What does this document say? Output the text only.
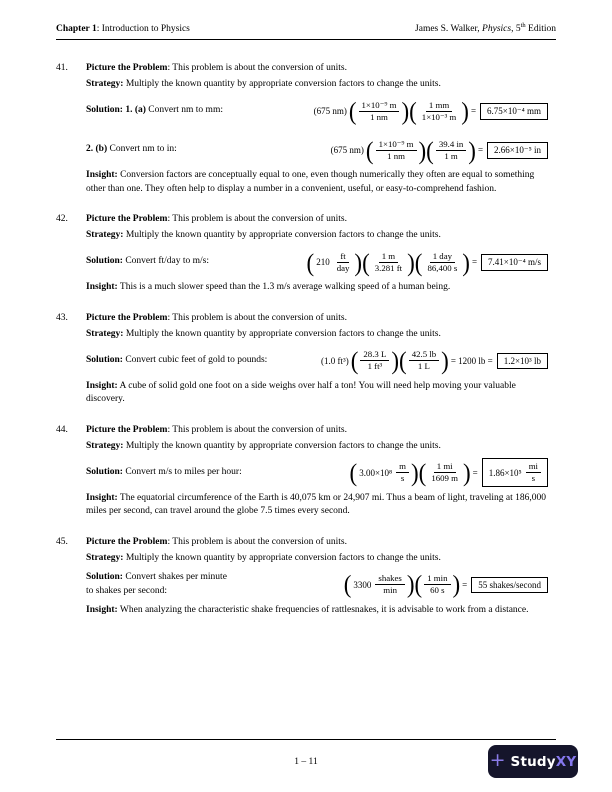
Chapter 1: Introduction to Physics	James S. Walker, Physics, 5th Edition
41.	Picture the Problem: This problem is about the conversion of units.
Strategy: Multiply the known quantity by appropriate conversion factors to change the units.
Solution: 1. (a) Convert nm to mm:	(675 nm) ( $\frac{\text{1×10⁻⁹ m}}{1 nm}$ ) ( $\frac{1 mm}{\text{1×10⁻³ m}}$ ) = 6.75×10⁻⁴ mm
2. (b) Convert nm to in:	(675 nm) ( $\frac{\text{1×10⁻⁹ m}}{1 nm}$ ) ( $\frac{39.4 in}{1 m}$ ) = 2.66×10⁻⁵ in
Insight: Conversion factors are conceptually equal to one, even though numerically they often are equal to something other than one. They often help to display a number in a convenient, useful, or easy-to-comprehend fashion.
42.	Picture the Problem: This problem is about the conversion of units.
Strategy: Multiply the known quantity by appropriate conversion factors to change the units.
Solution: Convert ft/day to m/s:	( $210 \frac{ft}{\text{day}}$ ) ( $\frac{1 m}{3.281 ft}$ ) ( $\frac{\text{1 day}}{86,400 s}$ ) = 7.41×10⁻⁴ m/s
Insight: This is a much slower speed than the 1.3 m/s average walking speed of a human being.
43.	Picture the Problem: This problem is about the conversion of units.
Strategy: Multiply the known quantity by appropriate conversion factors to change the units.
Solution: Convert cubic feet of gold to pounds:	(1.0 ft³) ( $\frac{28.3 L}{\text{1 ft³}}$ ) ( $\frac{42.5 lb}{1 L}$ ) = 1200 lb = 1.2×10³ lb
Insight: A cube of solid gold one foot on a side weighs over half a ton! You will need help moving your valuable discovery.
44.	Picture the Problem: This problem is about the conversion of units.
Strategy: Multiply the known quantity by appropriate conversion factors to change the units.
Solution: Convert m/s to miles per hour:	( $3.00\times 10^8 \frac{m}{s}$ ) ( $\frac{1 mi}{1609 m}$ ) = $1.86\times 10^5 \frac{mi}{s}$
Insight: The equatorial circumference of the Earth is 40,075 km or 24,907 mi. Thus a beam of light, traveling at 186,000 miles per second, can travel around the globe 7.5 times every second.
45.	Picture the Problem: This problem is about the conversion of units.
Strategy: Multiply the known quantity by appropriate conversion factors to change the units.
Solution: Convert shakes per minute to shakes per second:	( $3300 \frac{\text{shakes}}{\min}$ ) ( $\frac{1 \min}{60 s}$ ) = 55 shakes/second
Insight: When analyzing the characteristic shake frequencies of rattlesnakes, it is advisable to work from a distance.
1 – 11	+ StudyXY
